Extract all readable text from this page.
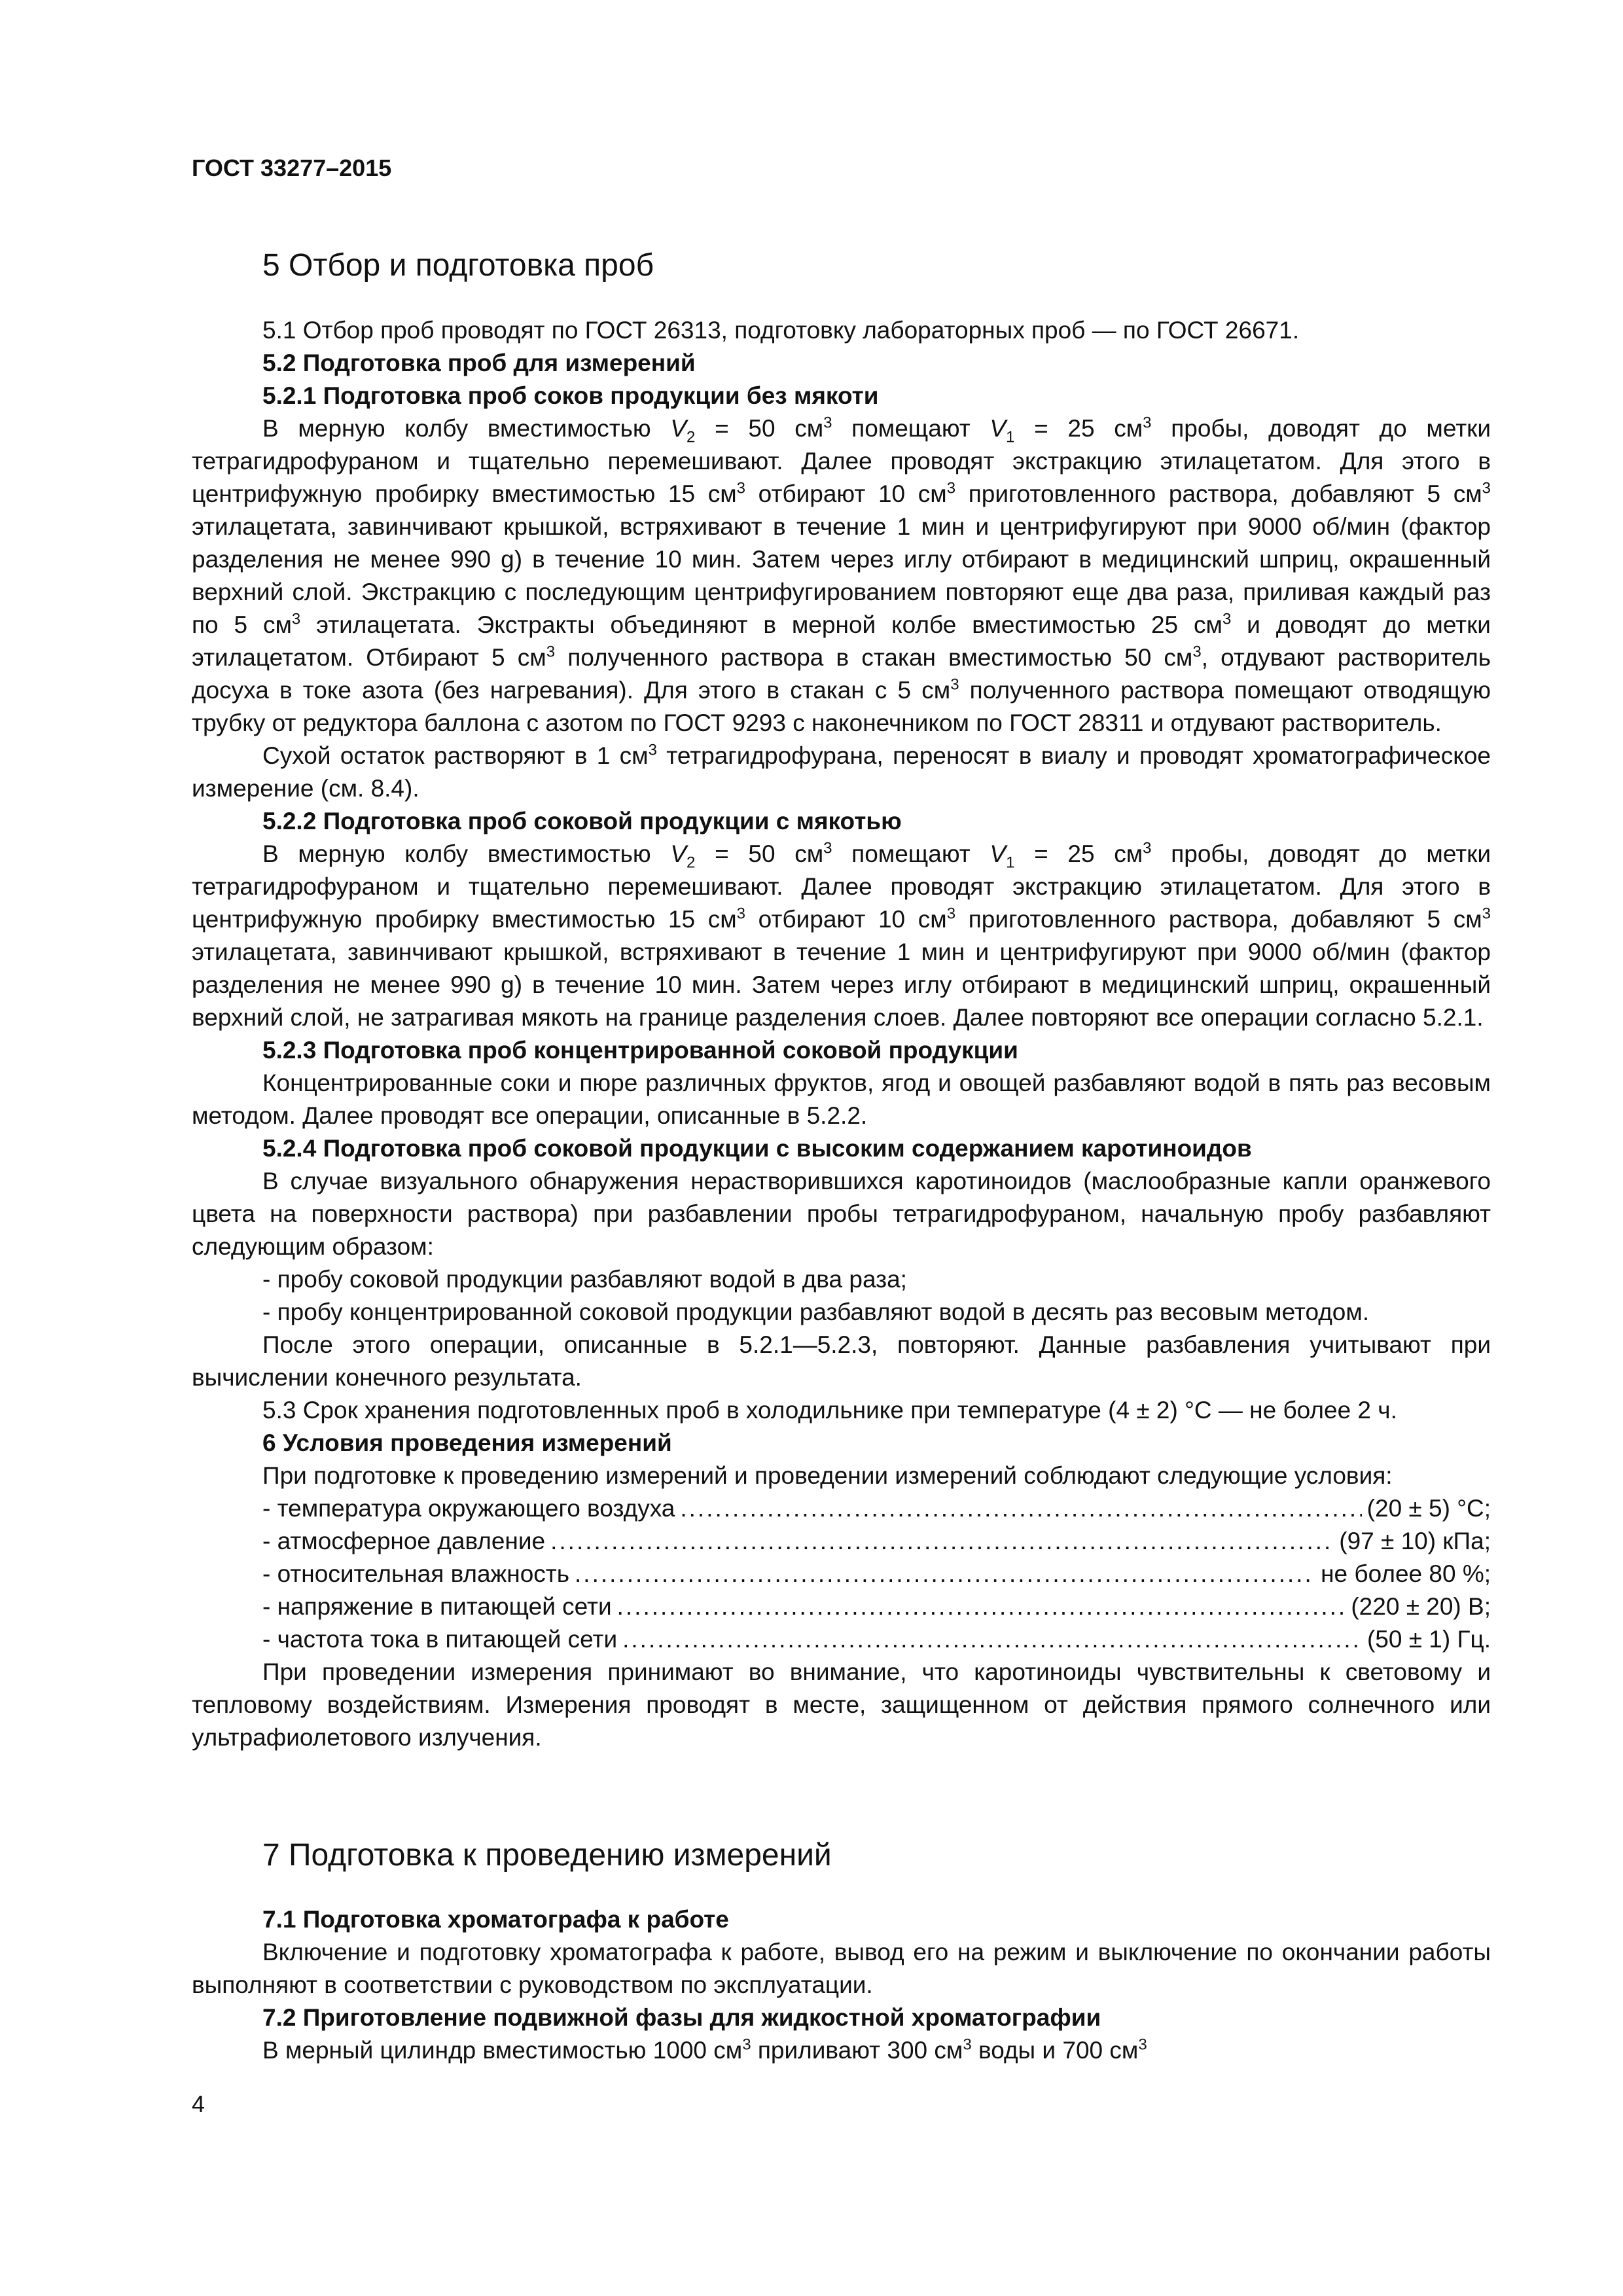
ГОСТ 33277–2015
5 Отбор и подготовка проб

5.1 Отбор проб проводят по ГОСТ 26313, подготовку лабораторных проб — по ГОСТ 26671.

5.2 Подготовка проб для измерений

5.2.1 Подготовка проб соков продукции без мякоти

В мерную колбу вместимостью $V_2 = 50$ $см^3$ помещают $V_1 = 25$ $см^3$ пробы, доводят до метки тетрагидрофураном и тщательно перемешивают. Далее проводят экстракцию этилацетатом. Для этого в центрифужную пробирку вместимостью 15 $см^3$ отбирают 10 $см^3$ приготовленного раствора, добавляют 5 $см^3$ этилацетата, завинчивают крышкой, встряхивают в течение 1 мин и центрифугируют при 9000 об/мин (фактор разделения не менее 990 g) в течение 10 мин. Затем через иглу отбирают в медицинский шприц, окрашенный верхний слой. Экстракцию с последующим центрифугированием повторяют еще два раза, приливая каждый раз по 5 $см^3$ этилацетата. Экстракты объединяют в мерной колбе вместимостью 25 $см^3$ и доводят до метки этилацетатом. Отбирают 5 $см^3$ полученного раствора в стакан вместимостью 50 $см^3$, отдувают растворитель досуха в токе азота (без нагревания). Для этого в стакан с 5 $см^3$ полученного раствора помещают отводящую трубку от редуктора баллона с азотом по ГОСТ 9293 с наконечником по ГОСТ 28311 и отдувают растворитель.

Сухой остаток растворяют в 1 $см^3$ тетрагидрофурана, переносят в виалу и проводят хроматографическое измерение (см. 8.4).

5.2.2 Подготовка проб соковой продукции с мякотью

В мерную колбу вместимостью $V_2 = 50$ $см^3$ помещают $V_1 = 25$ $см^3$ пробы, доводят до метки тетрагидрофураном и тщательно перемешивают. Далее проводят экстракцию этилацетатом. Для этого в центрифужную пробирку вместимостью 15 $см^3$ отбирают 10 $см^3$ приготовленного раствора, добавляют 5 $см^3$ этилацетата, завинчивают крышкой, встряхивают в течение 1 мин и центрифугируют при 9000 об/мин (фактор разделения не менее 990 g) в течение 10 мин. Затем через иглу отбирают в медицинский шприц, окрашенный верхний слой, не затрагивая мякоть на границе разделения слоев. Далее повторяют все операции согласно 5.2.1.

5.2.3 Подготовка проб концентрированной соковой продукции

Концентрированные соки и пюре различных фруктов, ягод и овощей разбавляют водой в пять раз весовым методом. Далее проводят все операции, описанные в 5.2.2.

5.2.4 Подготовка проб соковой продукции с высоким содержанием каротиноидов

В случае визуального обнаружения нерастворившихся каротиноидов (маслообразные капли оранжевого цвета на поверхности раствора) при разбавлении пробы тетрагидрофураном, начальную пробу разбавляют следующим образом:

- пробу соковой продукции разбавляют водой в два раза;

- пробу концентрированной соковой продукции разбавляют водой в десять раз весовым методом.

После этого операции, описанные в 5.2.1—5.2.3, повторяют. Данные разбавления учитывают при вычислении конечного результата.

5.3 Срок хранения подготовленных проб в холодильнике при температуре (4 ± 2) °С — не более 2 ч.

6 Условия проведения измерений

При подготовке к проведению измерений и проведении измерений соблюдают следующие условия:

- температура окружающего воздуха .....	(20 ± 5) °С;

- атмосферное давление .....	(97 ± 10) кПа;

- относительная влажность .....	не более 80 %;

- напряжение в питающей сети .....	(220 ± 20) В;

- частота тока в питающей сети .....	(50 ± 1) Гц.

При проведении измерения принимают во внимание, что каротиноиды чувствительны к световому и тепловому воздействиям. Измерения проводят в месте, защищенном от действия прямого солнечного или ультрафиолетового излучения.

7 Подготовка к проведению измерений

7.1 Подготовка хроматографа к работе

Включение и подготовку хроматографа к работе, вывод его на режим и выключение по окончании работы выполняют в соответствии с руководством по эксплуатации.

7.2 Приготовление подвижной фазы для жидкостной хроматографии

В мерный цилиндр вместимостью 1000 $см^3$ приливают 300 $см^3$ воды и 700 $см^3$

4
